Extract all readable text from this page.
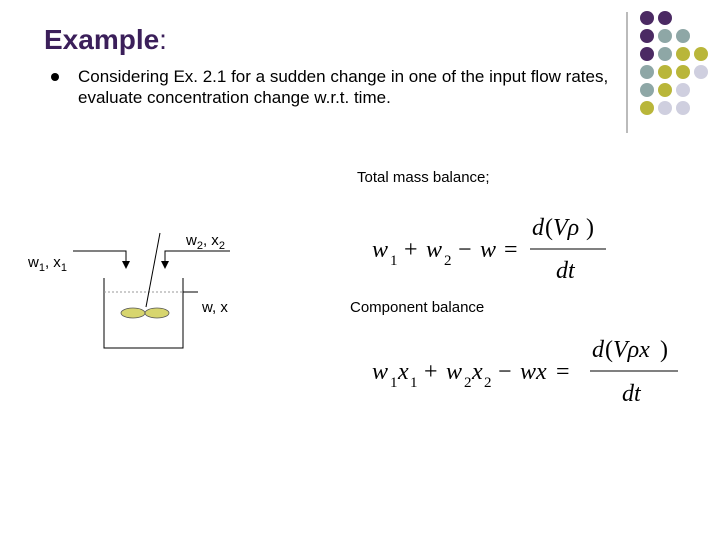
Example:
Considering Ex. 2.1 for a sudden change in one of the input flow rates, evaluate concentration change w.r.t. time.
$w_1$, $x_1$
$w_2$, $x_2$
w, x
Total mass balance;
Component balance
w 1 + w 2 − w =
d ( Vρ )
dt
w 1 x 1 + w 2 x 2 − wx =
d ( Vρx )
dt
